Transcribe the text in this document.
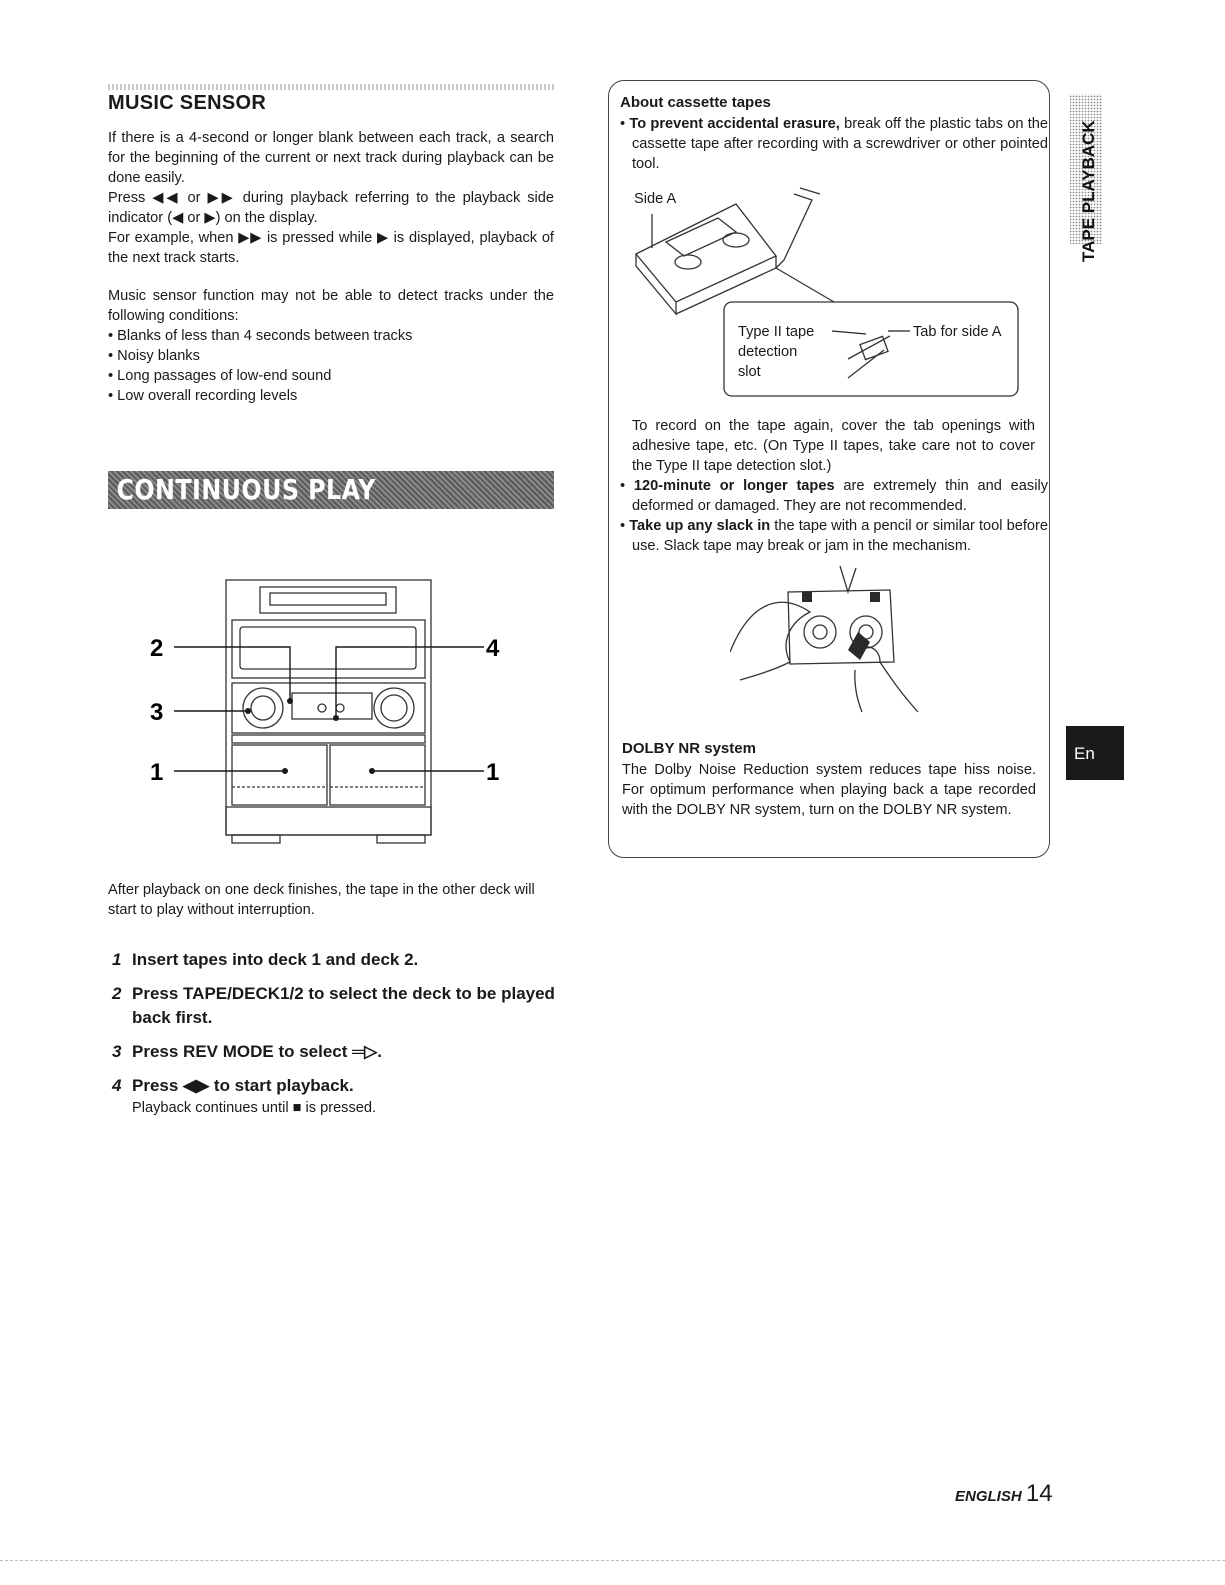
MUSIC SENSOR

If there is a 4-second or longer blank between each track, a search for the beginning of the current or next track during playback can be done easily.

Press ◀◀ or ▶▶ during playback referring to the playback side indicator (◀ or ▶) on the display.

For example, when ▶▶ is pressed while ▶ is displayed, playback of the next track starts.

Music sensor function may not be able to detect tracks under the following conditions:

• Blanks of less than 4 seconds between tracks
• Noisy blanks
• Long passages of low-end sound
• Low overall recording levels
CONTINUOUS PLAY
2
3
1
4
1

After playback on one deck finishes, the tape in the other deck will start to play without interruption.

1 Insert tapes into deck 1 and deck 2.

2 Press TAPE/DECK1/2 to select the deck to be played back first.

3 Press REV MODE to select ═▷.

4 Press ◀▶ to start playback.

Playback continues until ■ is pressed.

About cassette tapes

• To prevent accidental erasure, break off the plastic tabs on the cassette tape after recording with a screwdriver or other pointed tool.

Side A
Type II tape
detection
slot
Tab for side A

To record on the tape again, cover the tab openings with adhesive tape, etc. (On Type II tapes, take care not to cover the Type II tape detection slot.)

• 120-minute or longer tapes are extremely thin and easily deformed or damaged. They are not recommended.

• Take up any slack in the tape with a pencil or similar tool before use. Slack tape may break or jam in the mechanism.

DOLBY NR system

The Dolby Noise Reduction system reduces tape hiss noise. For optimum performance when playing back a tape recorded with the DOLBY NR system, turn on the DOLBY NR system.

TAPE PLAYBACK
En
ENGLISH 14
